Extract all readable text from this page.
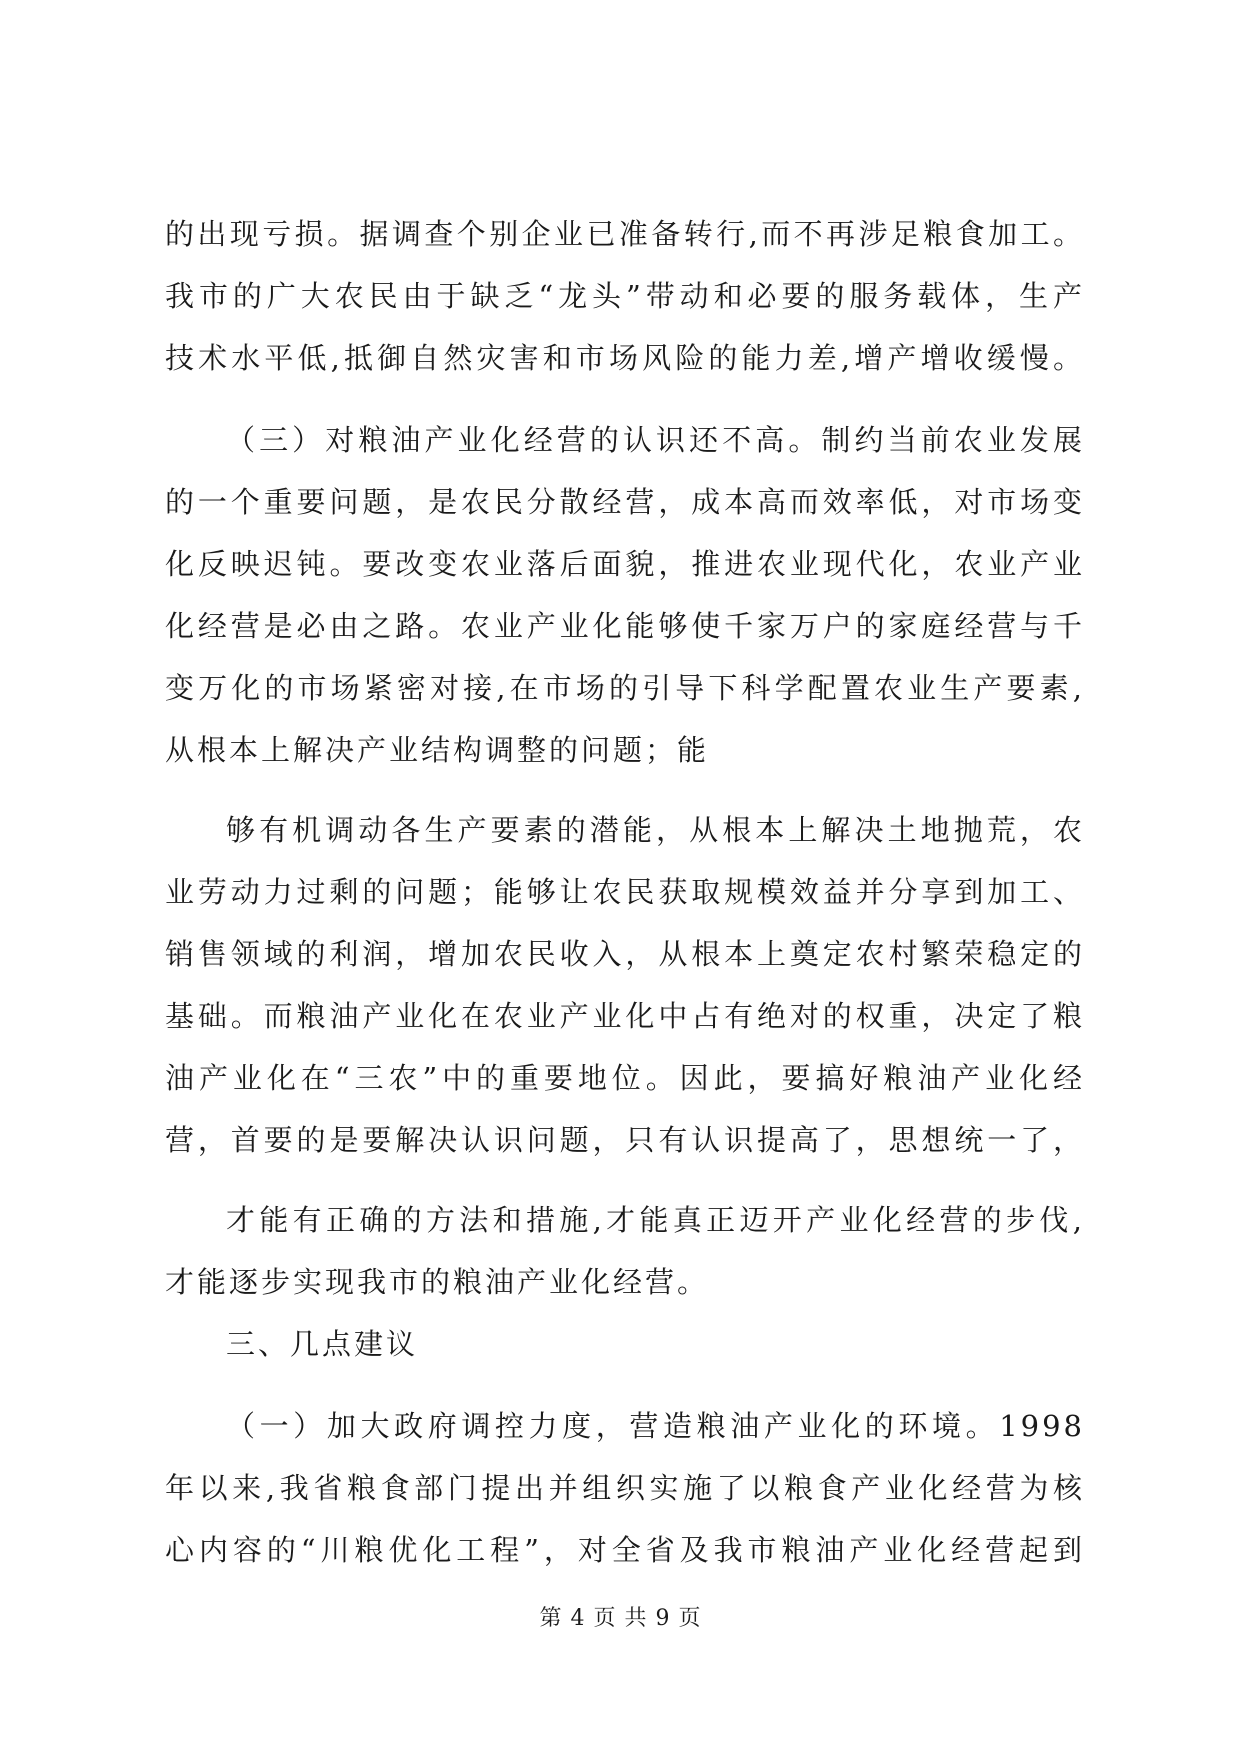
的出现亏损。据调查个别企业已准备转行,而不再涉足粮食加工。
我市的广大农民由于缺乏“龙头”带动和必要的服务载体，生产
技术水平低,抵御自然灾害和市场风险的能力差,增产增收缓慢。
（三）对粮油产业化经营的认识还不高。制约当前农业发展
的一个重要问题，是农民分散经营，成本高而效率低，对市场变
化反映迟钝。要改变农业落后面貌，推进农业现代化，农业产业
化经营是必由之路。农业产业化能够使千家万户的家庭经营与千
变万化的市场紧密对接,在市场的引导下科学配置农业生产要素,
从根本上解决产业结构调整的问题；能
够有机调动各生产要素的潜能，从根本上解决土地抛荒，农
业劳动力过剩的问题；能够让农民获取规模效益并分享到加工、
销售领域的利润，增加农民收入，从根本上奠定农村繁荣稳定的
基础。而粮油产业化在农业产业化中占有绝对的权重，决定了粮
油产业化在“三农”中的重要地位。因此，要搞好粮油产业化经
营，首要的是要解决认识问题，只有认识提高了，思想统一了，
才能有正确的方法和措施,才能真正迈开产业化经营的步伐,
才能逐步实现我市的粮油产业化经营。
三、几点建议
（一）加大政府调控力度，营造粮油产业化的环境。1998
年以来,我省粮食部门提出并组织实施了以粮食产业化经营为核
心内容的“川粮优化工程”，对全省及我市粮油产业化经营起到
第 4 页 共 9 页
